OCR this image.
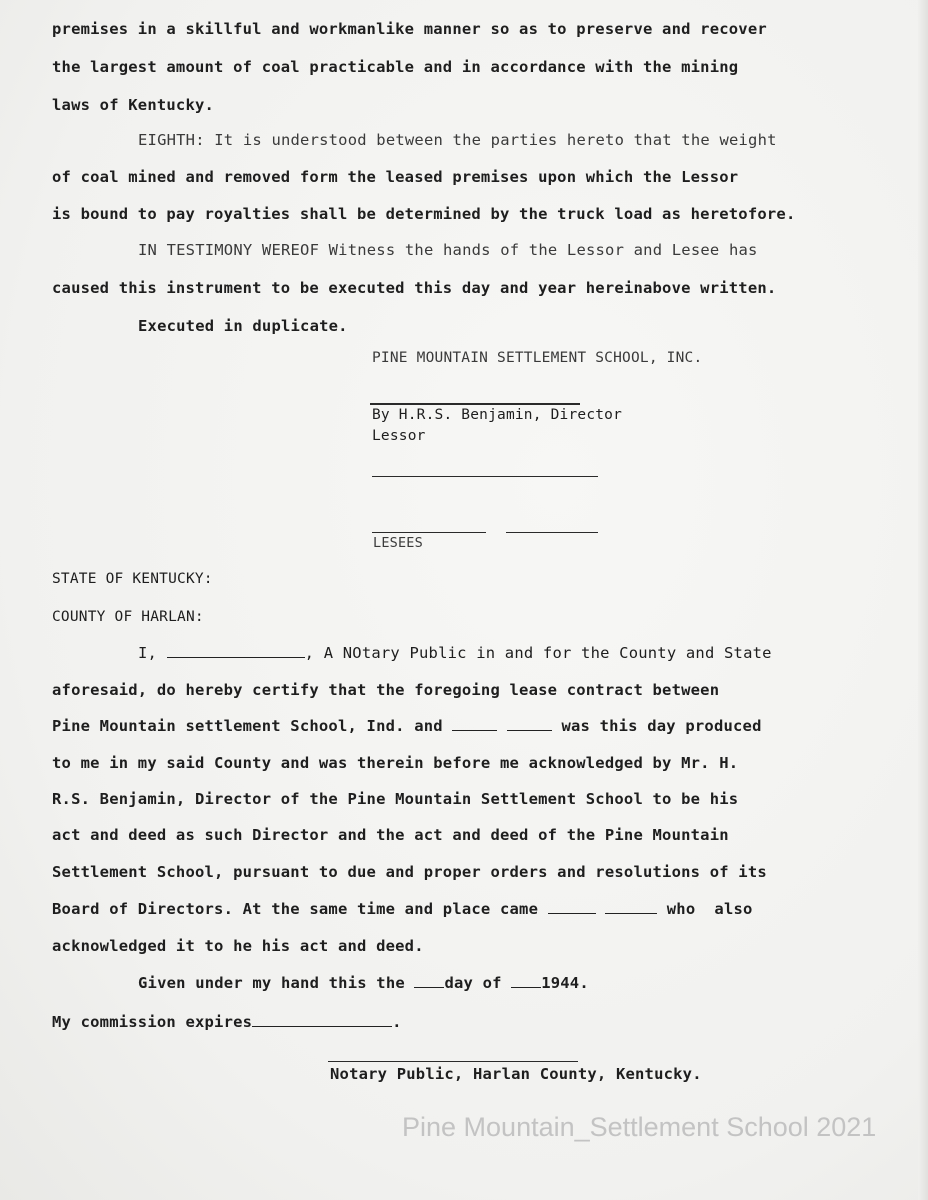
premises in a skillful and workmanlike manner so as to preserve and recover
the largest amount of coal practicable and in accordance with the mining
laws of Kentucky.
EIGHTH: It is understood between the parties hereto that the weight
of coal mined and removed form the leased premises upon which the Lessor
is bound to pay royalties shall be determined by the truck load as heretofore.
IN TESTIMONY WEREOF Witness the hands of the Lessor and Lesee has
caused this instrument to be executed this day and year hereinabove written.
Executed in duplicate.
PINE MOUNTAIN SETTLEMENT SCHOOL, INC.
By H.R.S. Benjamin, Director
Lessor
LESEES
STATE OF KENTUCKY:
COUNTY OF HARLAN:
I,	, A NOtary Public in and for the County and State
aforesaid, do hereby certify that the foregoing lease contract between
Pine Mountain settlement School, Ind. and	was this day produced
to me in my said County and was therein before me acknowledged by Mr. H.
R.S. Benjamin, Director of the Pine Mountain Settlement School to be his
act and deed as such Director and the act and deed of the Pine Mountain
Settlement School, pursuant to due and proper orders and resolutions of its
Board of Directors. At the same time and place came	who  also
acknowledged it to he his act and deed.
Given under my hand this the	day of	1944.
My commission expires	.
Notary Public, Harlan County, Kentucky.
Pine Mountain_Settlement School 2021
